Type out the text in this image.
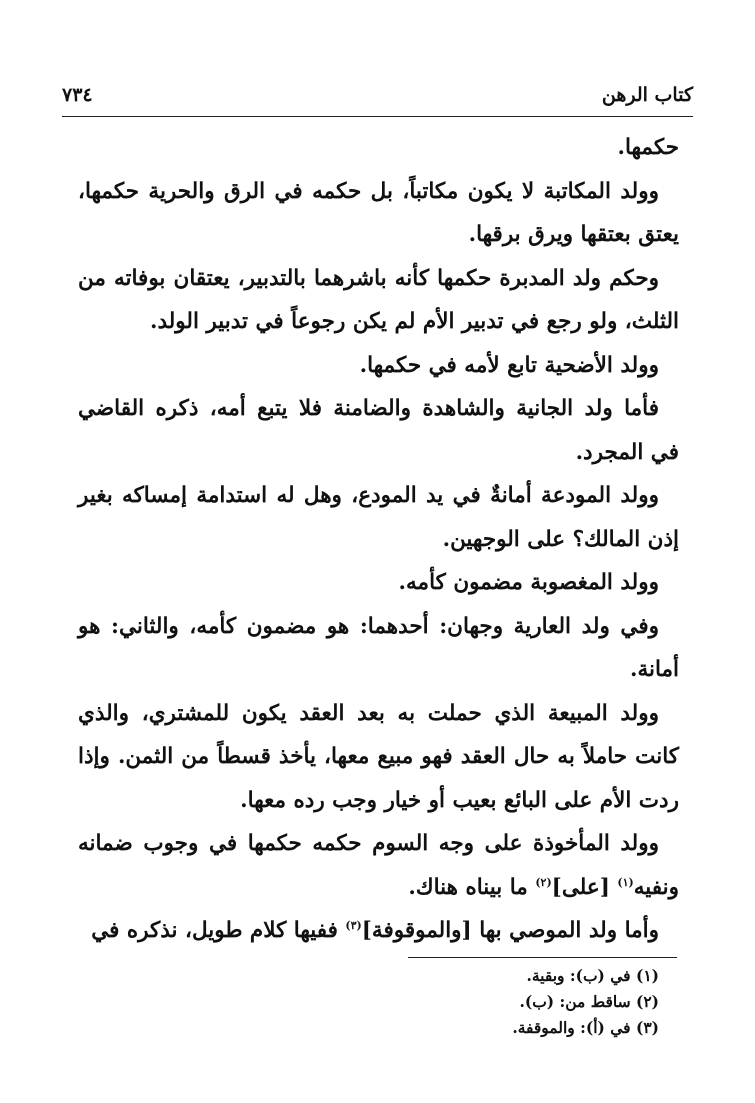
كتاب الرهن
٧٣٤

حكمها.

وولد المكاتبة لا يكون مكاتباً، بل حكمه في الرق والحرية حكمها، يعتق بعتقها ويرق برقها.

وحكم ولد المدبرة حكمها كأنه باشرهما بالتدبير، يعتقان بوفاته من الثلث، ولو رجع في تدبير الأم لم يكن رجوعاً في تدبير الولد.

وولد الأضحية تابع لأمه في حكمها.

فأما ولد الجانية والشاهدة والضامنة فلا يتبع أمه، ذكره القاضي في المجرد.

وولد المودعة أمانةٌ في يد المودع، وهل له استدامة إمساكه بغير إذن المالك؟ على الوجهين.

وولد المغصوبة مضمون كأمه.

وفي ولد العارية وجهان: أحدهما: هو مضمون كأمه، والثاني: هو أمانة.

وولد المبيعة الذي حملت به بعد العقد يكون للمشتري، والذي كانت حاملاً به حال العقد فهو مبيع معها، يأخذ قسطاً من الثمن. وإذا ردت الأم على البائع بعيب أو خيار وجب رده معها.

وولد المأخوذة على وجه السوم حكمه حكمها في وجوب ضمانه ونفيه$^{(١)}$ [على]$^{(٢)}$ ما بيناه هناك.

وأما ولد الموصي بها [والموقوفة]$^{(٣)}$ ففيها كلام طويل، نذكره في

(١) في (ب): وبقية.
(٢) ساقط من: (ب).
(٣) في (أ): والموقفة.
